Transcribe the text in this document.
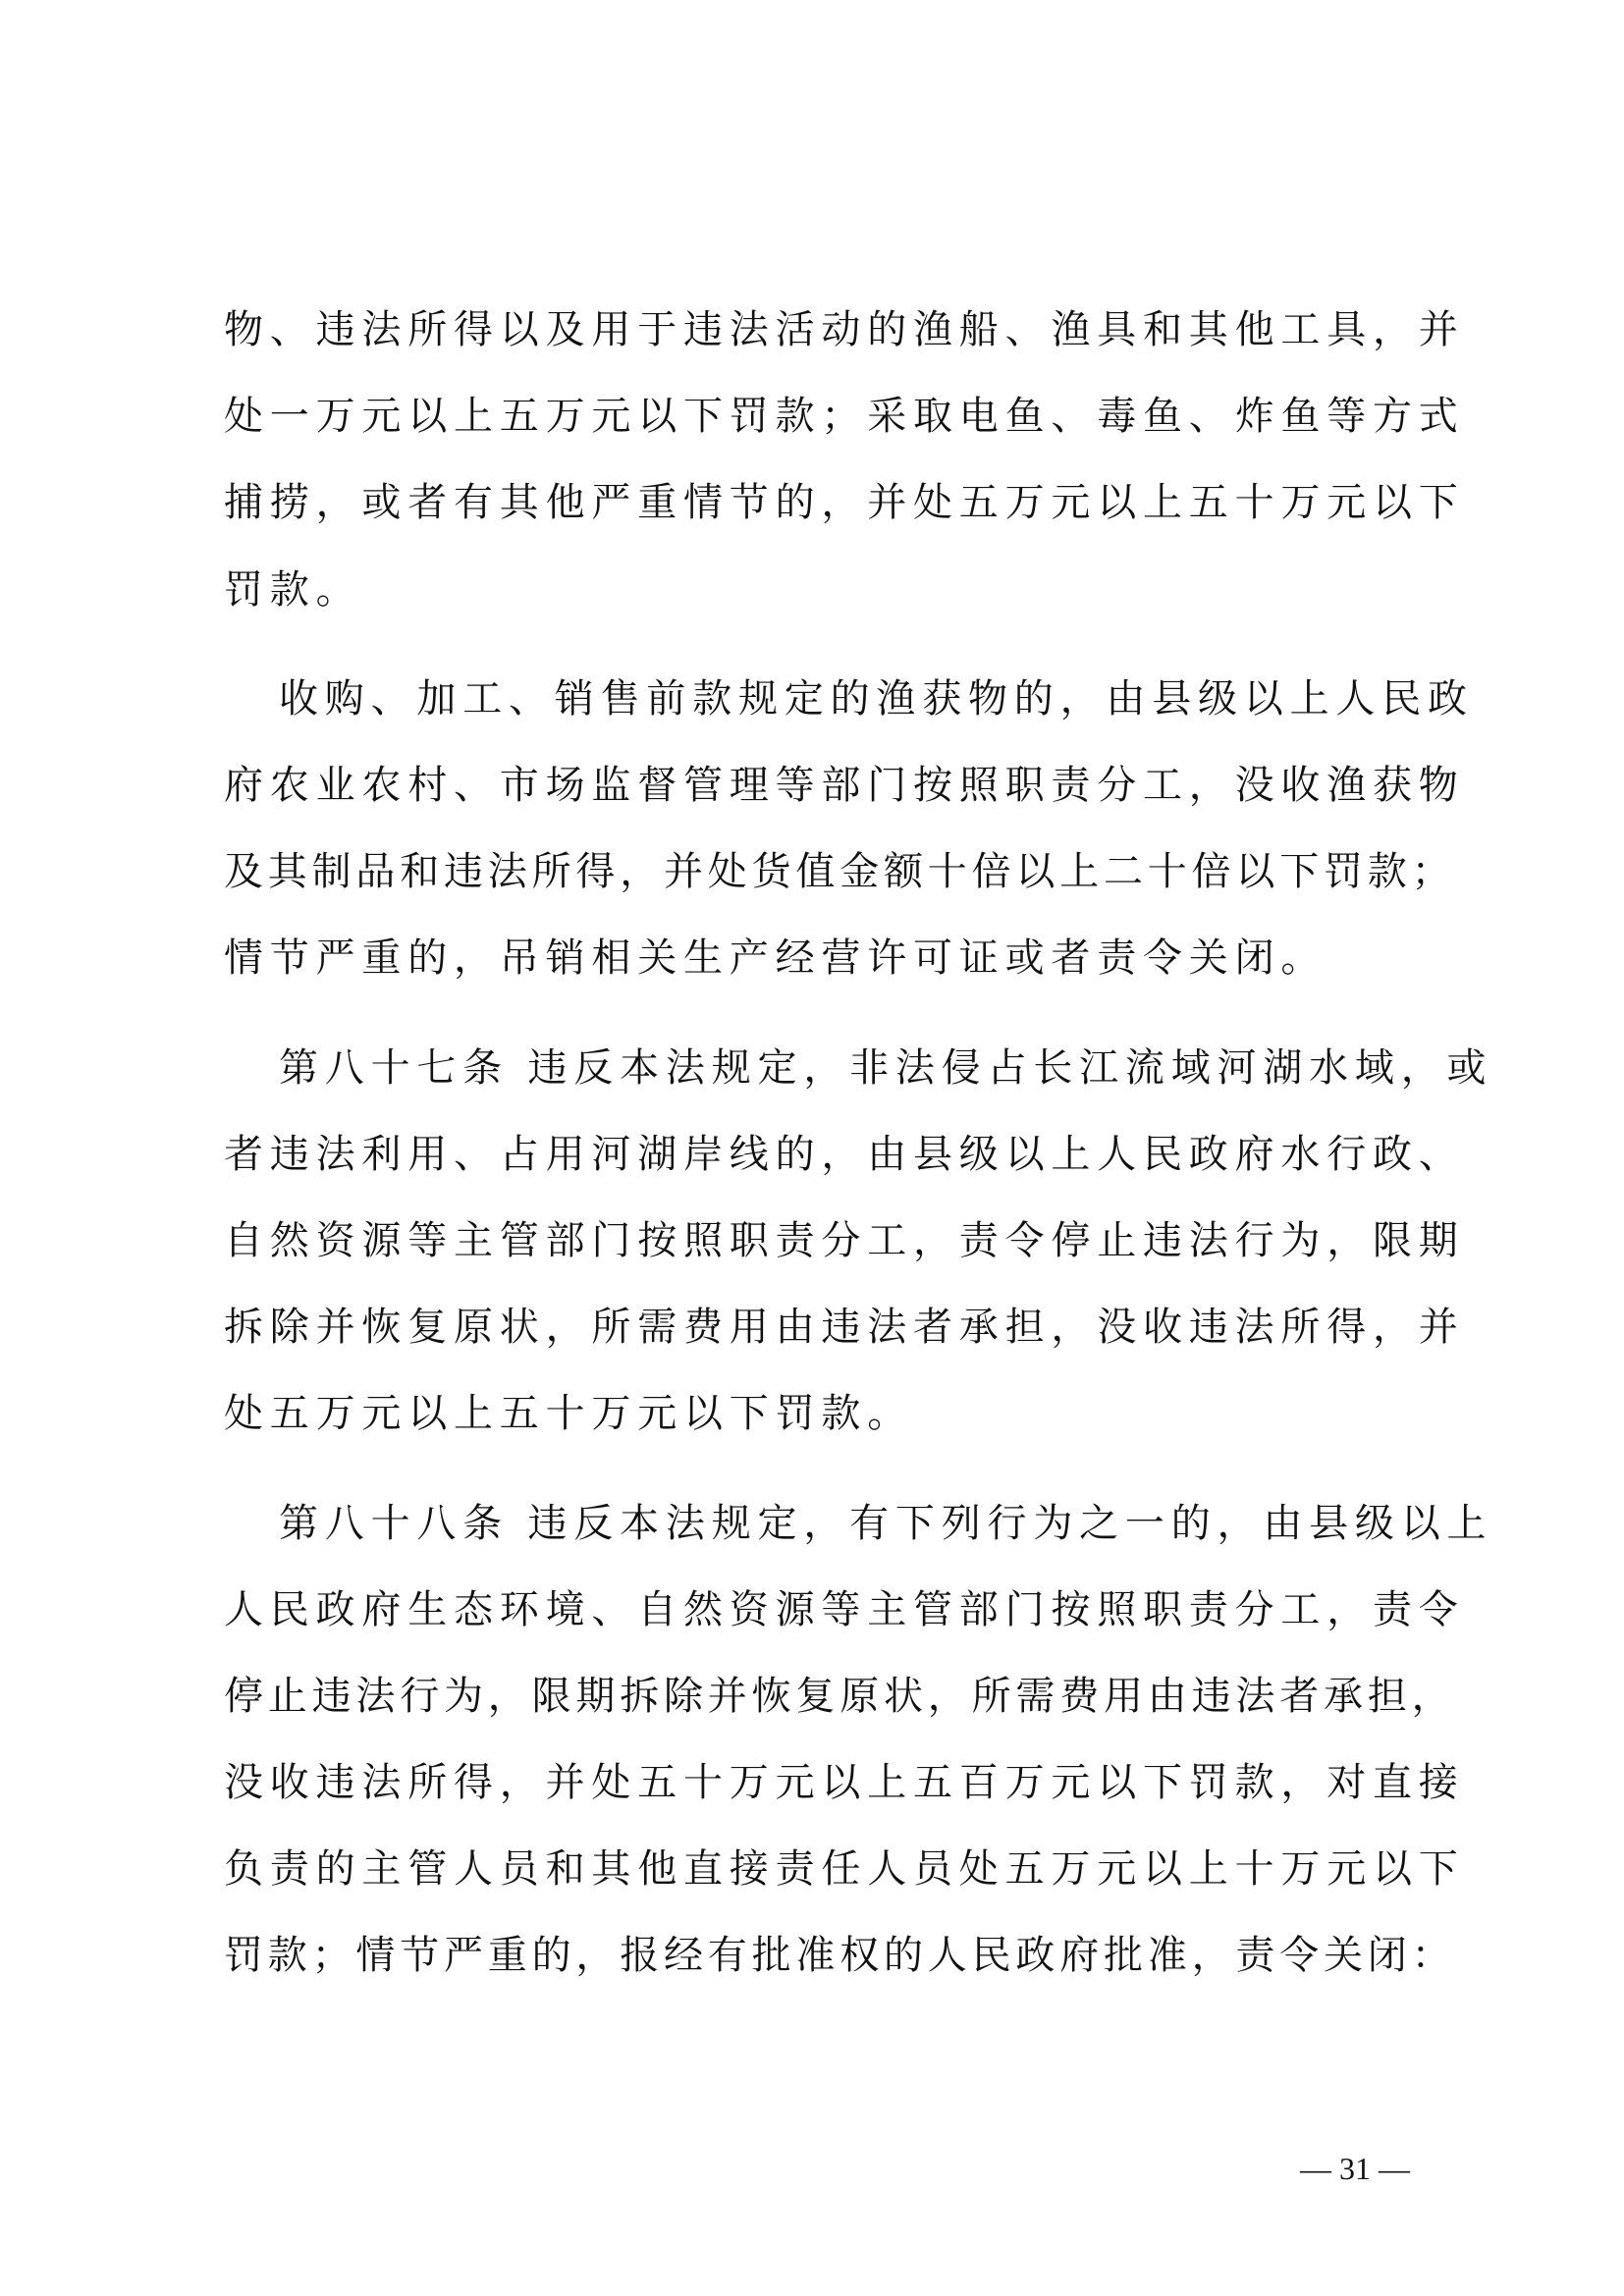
物、违法所得以及用于违法活动的渔船、渔具和其他工具，并
处一万元以上五万元以下罚款；采取电鱼、毒鱼、炸鱼等方式
捕捞，或者有其他严重情节的，并处五万元以上五十万元以下
罚款。
收购、加工、销售前款规定的渔获物的，由县级以上人民政
府农业农村、市场监督管理等部门按照职责分工，没收渔获物
及其制品和违法所得，并处货值金额十倍以上二十倍以下罚款；
情节严重的，吊销相关生产经营许可证或者责令关闭。
第八十七条 违反本法规定，非法侵占长江流域河湖水域，或
者违法利用、占用河湖岸线的，由县级以上人民政府水行政、
自然资源等主管部门按照职责分工，责令停止违法行为，限期
拆除并恢复原状，所需费用由违法者承担，没收违法所得，并
处五万元以上五十万元以下罚款。
第八十八条 违反本法规定，有下列行为之一的，由县级以上
人民政府生态环境、自然资源等主管部门按照职责分工，责令
停止违法行为，限期拆除并恢复原状，所需费用由违法者承担，
没收违法所得，并处五十万元以上五百万元以下罚款，对直接
负责的主管人员和其他直接责任人员处五万元以上十万元以下
罚款；情节严重的，报经有批准权的人民政府批准，责令关闭：
— 31 —
